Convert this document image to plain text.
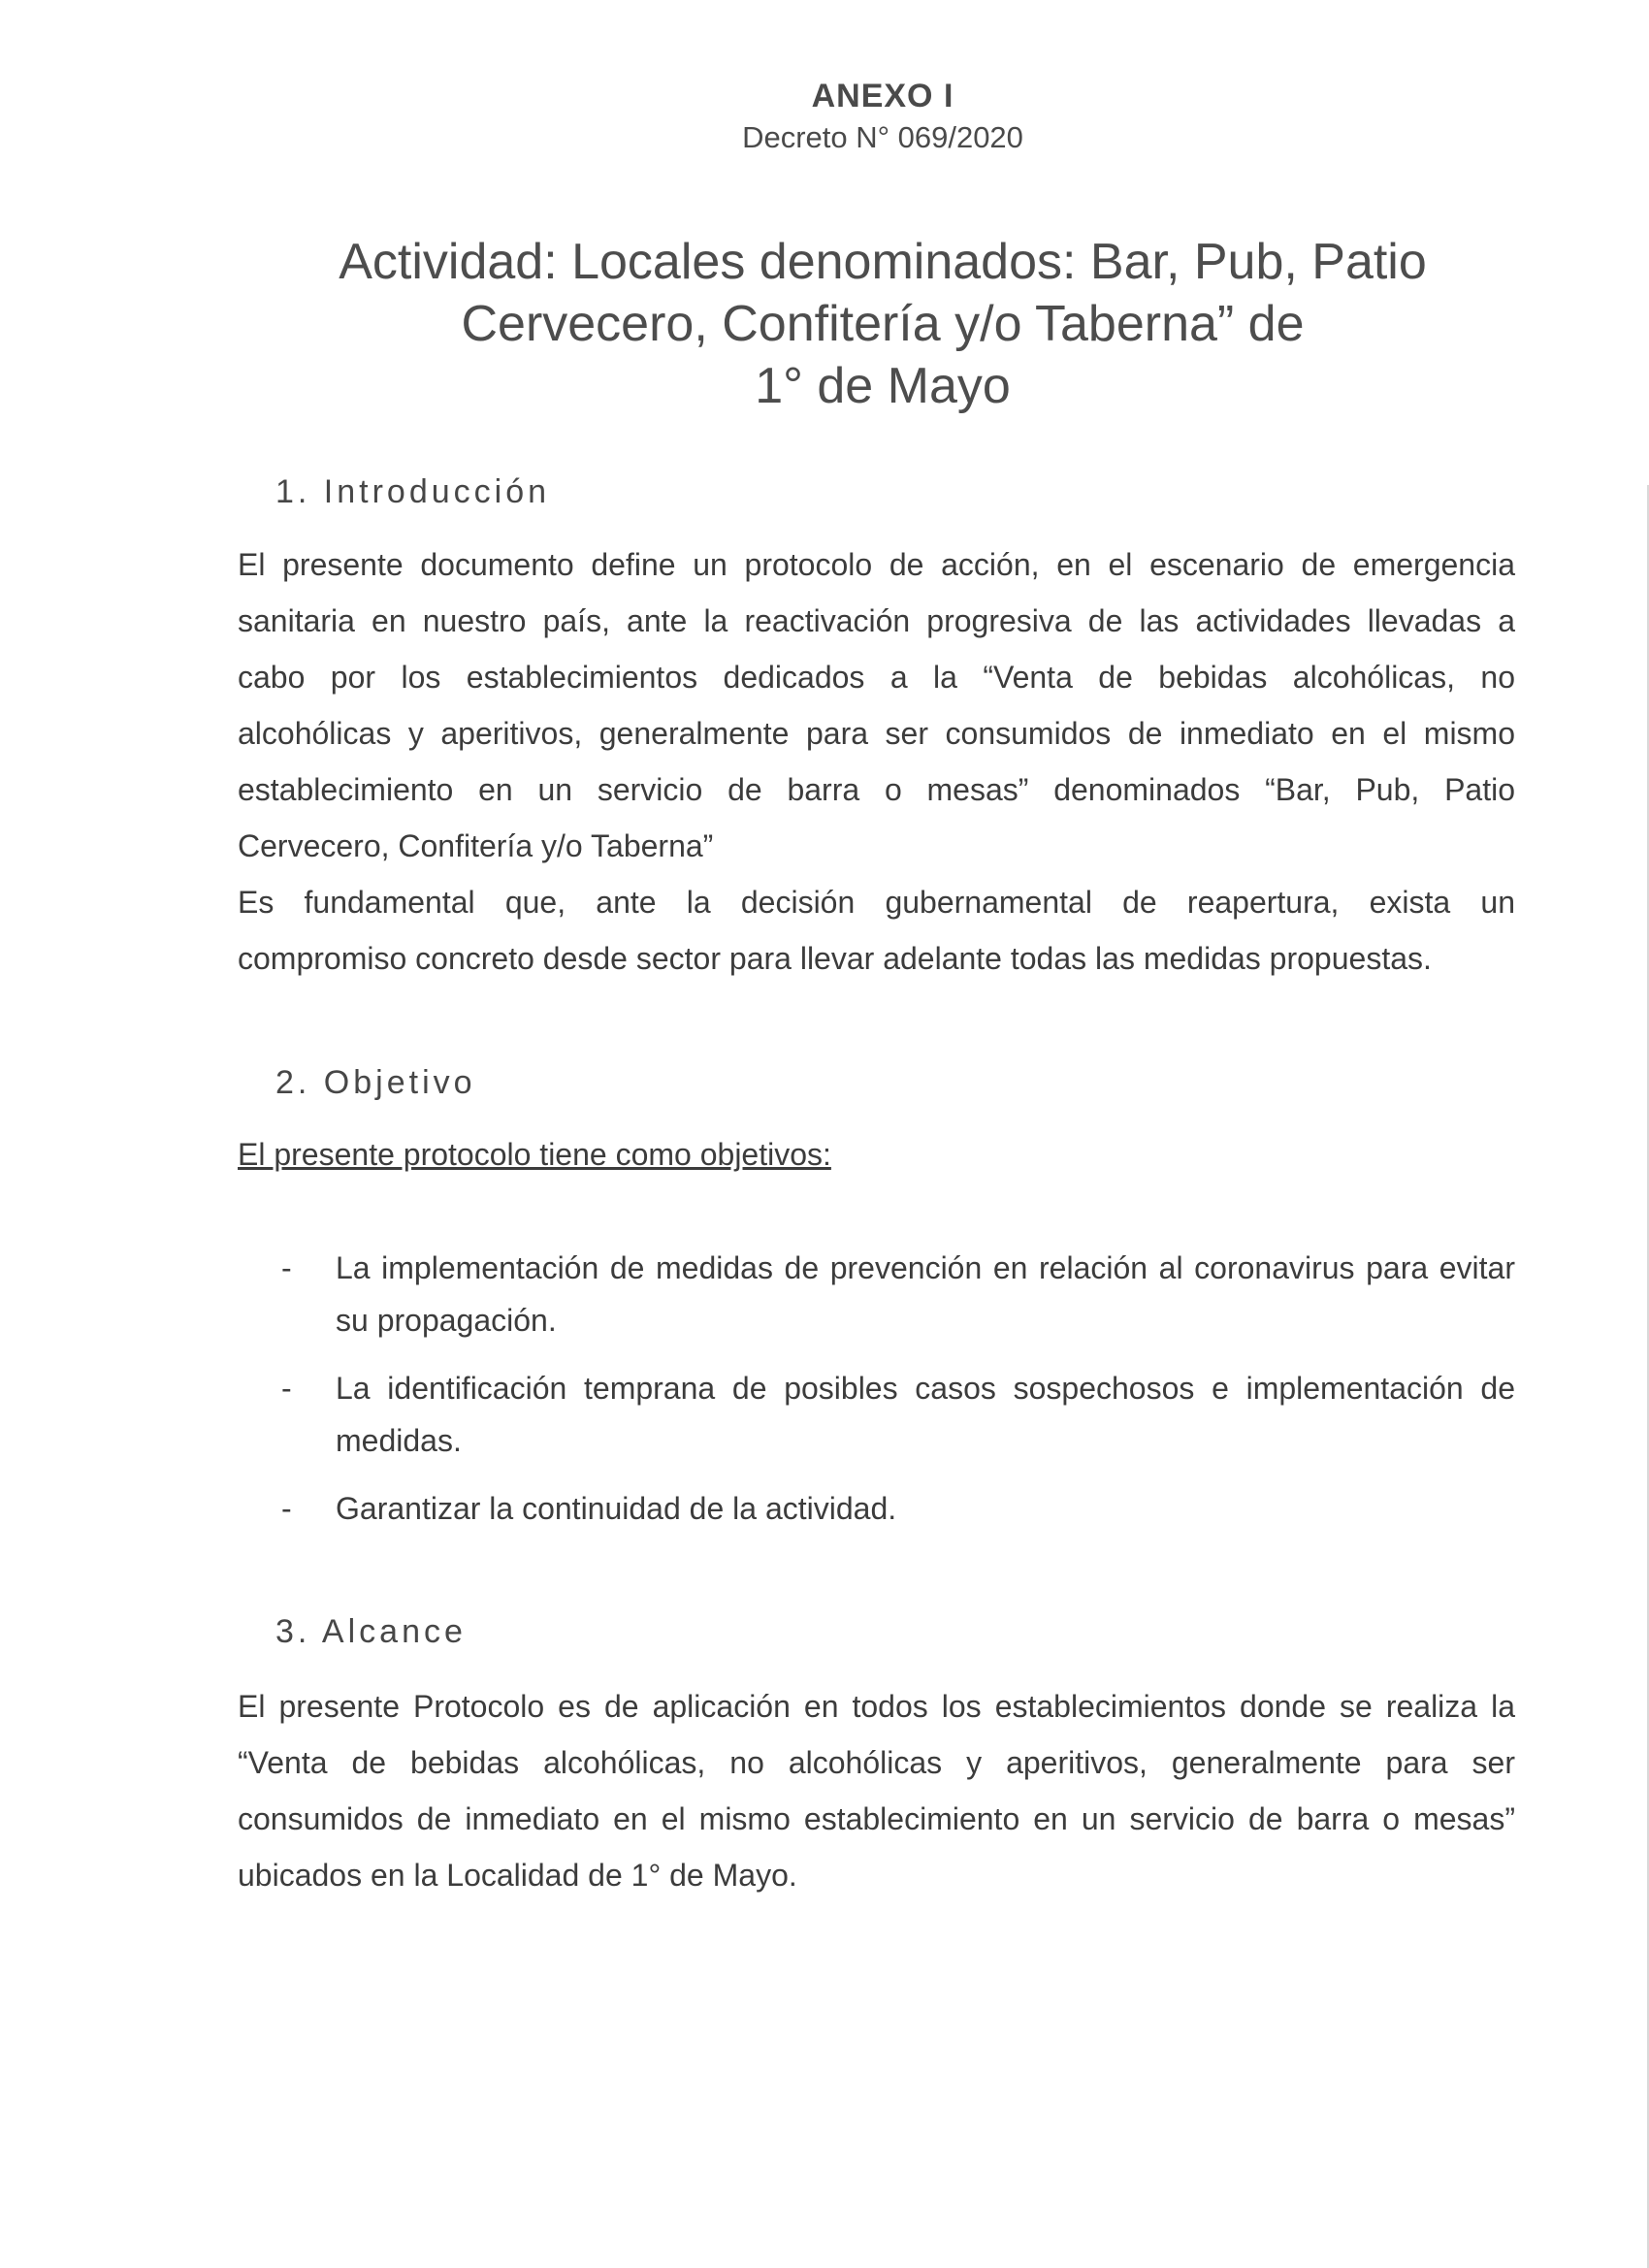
ANEXO I
Decreto N° 069/2020
Actividad: Locales denominados: Bar, Pub, Patio
Cervecero, Confitería y/o Taberna” de
1° de Mayo
1. Introducción

El presente documento define un protocolo de acción, en el escenario de emergencia

sanitaria en nuestro país, ante la reactivación progresiva de las actividades llevadas a

cabo por los establecimientos dedicados a la “Venta de bebidas alcohólicas, no

alcohólicas y aperitivos, generalmente para ser consumidos de inmediato en el mismo

establecimiento en un servicio de barra o mesas” denominados “Bar, Pub, Patio

Cervecero, Confitería y/o Taberna”

Es fundamental que, ante la decisión gubernamental de reapertura, exista un

compromiso concreto desde sector para llevar adelante todas las medidas propuestas.

2. Objetivo
El presente protocolo tiene como objetivos:
- La implementación de medidas de prevención en relación al coronavirus para evitar su propagación.
- La identificación temprana de posibles casos sospechosos e implementación de medidas.
- Garantizar la continuidad de la actividad.
3. Alcance

El presente Protocolo es de aplicación en todos los establecimientos donde se realiza la

“Venta de bebidas alcohólicas, no alcohólicas y aperitivos, generalmente para ser

consumidos de inmediato en el mismo establecimiento en un servicio de barra o mesas”

ubicados en la Localidad de 1° de Mayo.
